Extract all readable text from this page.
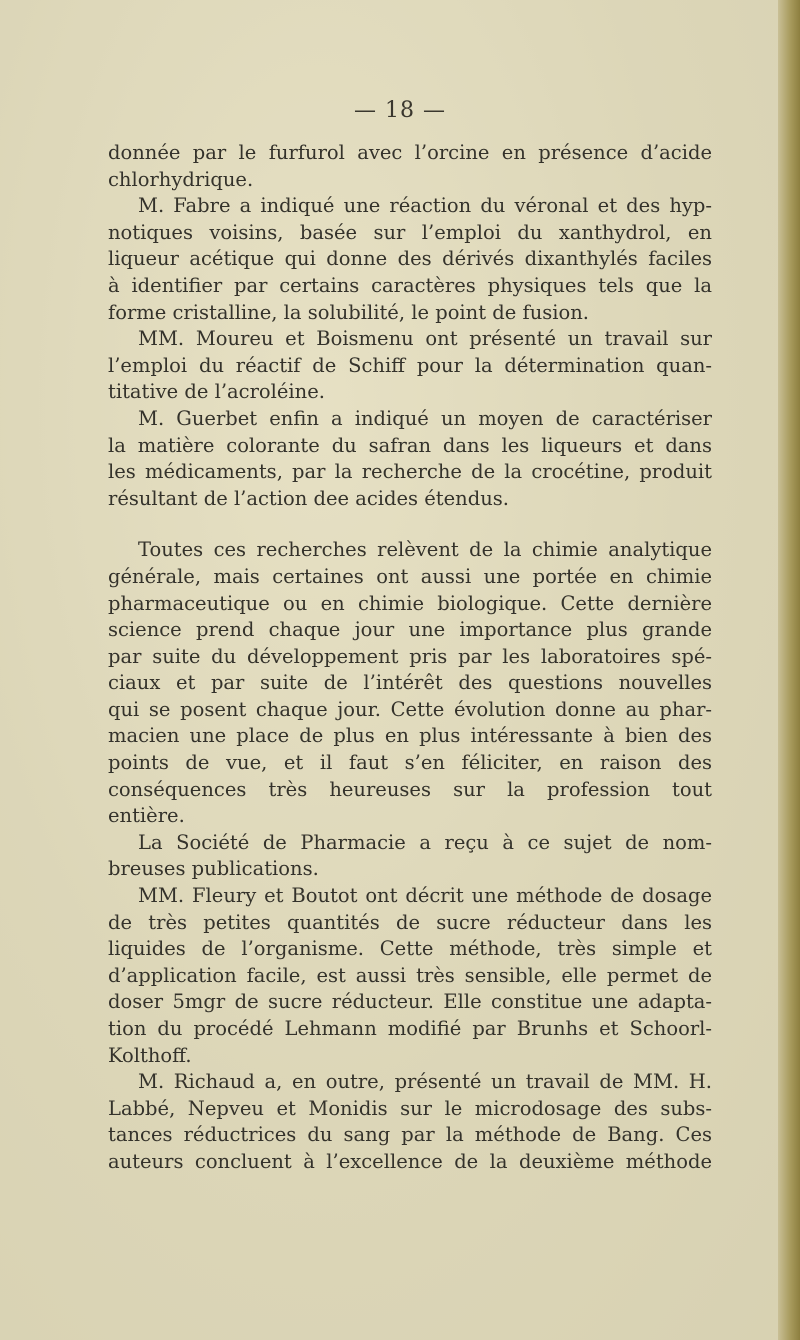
— 18 —
donnée par le furfurol avec l’orcine en présence d’acide
chlorhydrique.
M. Fabre a indiqué une réaction du véronal et des hyp-
notiques voisins, basée sur l’emploi du xanthydrol, en
liqueur acétique qui donne des dérivés dixanthylés faciles
à identifier par certains caractères physiques tels que la
forme cristalline, la solubilité, le point de fusion.
MM. Moureu et Boismenu ont présenté un travail sur
l’emploi du réactif de Schiff pour la détermination quan-
titative de l’acroléine.
M. Guerbet enfin a indiqué un moyen de caractériser
la matière colorante du safran dans les liqueurs et dans
les médicaments, par la recherche de la crocétine, produit
résultant de l’action dee acides étendus.
Toutes ces recherches relèvent de la chimie analytique
générale, mais certaines ont aussi une portée en chimie
pharmaceutique ou en chimie biologique. Cette dernière
science prend chaque jour une importance plus grande
par suite du développement pris par les laboratoires spé-
ciaux et par suite de l’intérêt des questions nouvelles
qui se posent chaque jour. Cette évolution donne au phar-
macien une place de plus en plus intéressante à bien des
points de vue, et il faut s’en féliciter, en raison des
conséquences très heureuses sur la profession tout
entière.
La Société de Pharmacie a reçu à ce sujet de nom-
breuses publications.
MM. Fleury et Boutot ont décrit une méthode de dosage
de très petites quantités de sucre réducteur dans les
liquides de l’organisme. Cette méthode, très simple et
d’application facile, est aussi très sensible, elle permet de
doser 5mgr de sucre réducteur. Elle constitue une adapta-
tion du procédé Lehmann modifié par Brunhs et Schoorl-
Kolthoff.
M. Richaud a, en outre, présenté un travail de MM. H.
Labbé, Nepveu et Monidis sur le microdosage des subs-
tances réductrices du sang par la méthode de Bang. Ces
auteurs concluent à l’excellence de la deuxième méthode
